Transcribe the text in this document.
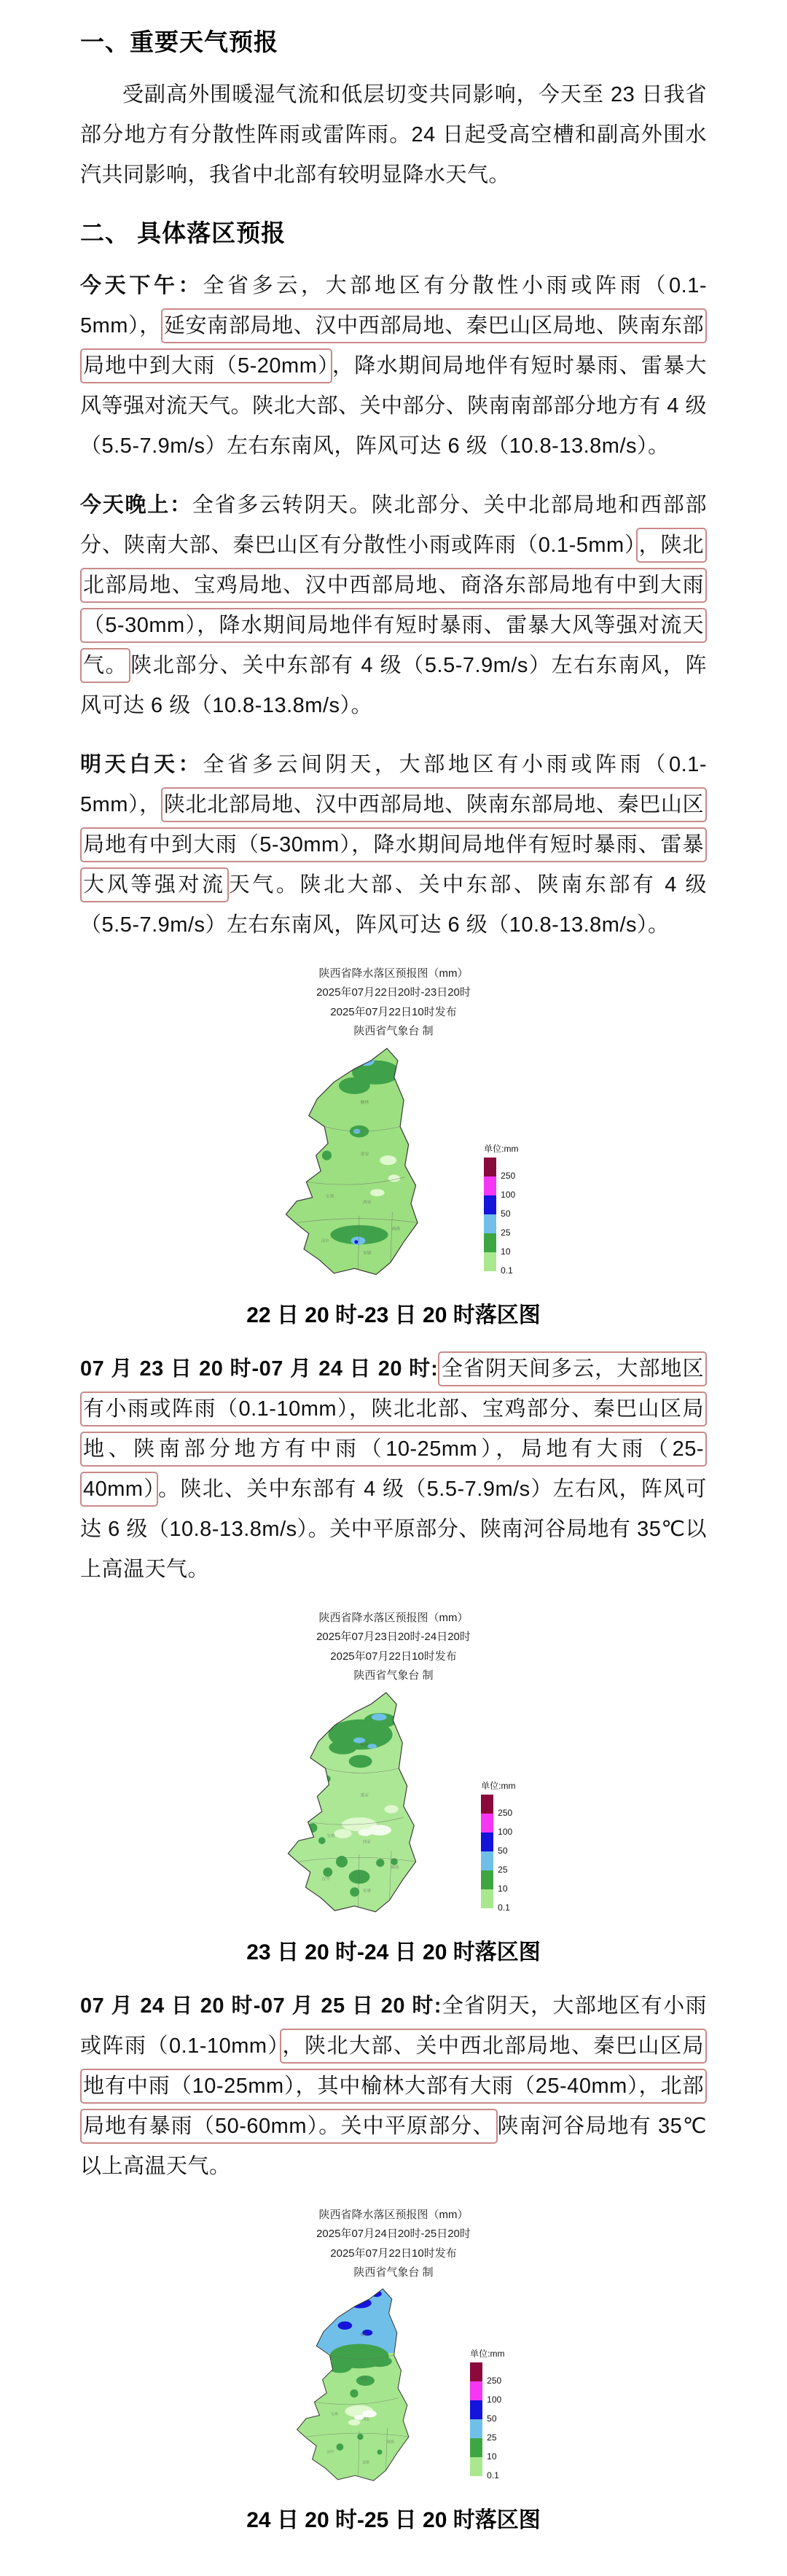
一、重要天气预报

受副高外围暖湿气流和低层切变共同影响，今天至 23 日我省部分地方有分散性阵雨或雷阵雨。24 日起受高空槽和副高外围水汽共同影响，我省中北部有较明显降水天气。

二、 具体落区预报

今天下午：全省多云，大部地区有分散性小雨或阵雨（0.1-5mm）， 延安南部局地、汉中西部局地、秦巴山区局地、陕南东部局地中到大雨（5-20mm） ，降水期间局地伴有短时暴雨、雷暴大风等强对流天气。陕北大部、关中部分、陕南南部部分地方有 4 级（5.5-7.9m/s）左右东南风，阵风可达 6 级（10.8-13.8m/s）。

今天晚上：全省多云转阴天。陕北部分、关中北部局地和西部部分、陕南大部、秦巴山区有分散性小雨或阵雨（0.1-5mm） ，陕北北部局地、宝鸡局地、汉中西部局地、商洛东部局地有中到大雨（5-30mm），降水期间局地伴有短时暴雨、雷暴大风等强对流天气。 陕北部分、关中东部有 4 级（5.5-7.9m/s）左右东南风，阵风可达 6 级（10.8-13.8m/s）。

明天白天：全省多云间阴天，大部地区有小雨或阵雨（0.1-5mm）， 陕北北部局地、汉中西部局地、陕南东部局地、秦巴山区局地有中到大雨（5-30mm），降水期间局地伴有短时暴雨、雷暴大风等强对流 天气。陕北大部、关中东部、陕南东部有 4 级（5.5-7.9m/s）左右东南风，阵风可达 6 级（10.8-13.8m/s）。

陕西省降水落区预报图（mm）
2025年07月22日20时-23日20时
2025年07月22日10时发布
陕西省气象台 制
榆林
延安
西安
宝鸡
汉中
安康
商洛
单位:mm
250
100
50
25
10
0.1
22 日 20 时-23 日 20 时落区图

07 月 23 日 20 时-07 月 24 日 20 时: 全省阴天间多云，大部地区有小雨或阵雨（0.1-10mm），陕北北部、宝鸡部分、秦巴山区局地、陕南部分地方有中雨（10-25mm），局地有大雨（25-40mm） 。陕北、关中东部有 4 级（5.5-7.9m/s）左右风，阵风可达 6 级（10.8-13.8m/s）。关中平原部分、陕南河谷局地有 35℃以上高温天气。

陕西省降水落区预报图（mm）
2025年07月23日20时-24日20时
2025年07月22日10时发布
陕西省气象台 制
榆林
延安
西安
宝鸡
汉中
安康
商洛
单位:mm
250
100
50
25
10
0.1
23 日 20 时-24 日 20 时落区图

07 月 24 日 20 时-07 月 25 日 20 时:全省阴天，大部地区有小雨或阵雨（0.1-10mm） ，陕北大部、关中西北部局地、秦巴山区局地有中雨（10-25mm），其中榆林大部有大雨（25-40mm），北部局地有暴雨（50-60mm）。关中平原部分、 陕南河谷局地有 35℃以上高温天气。

陕西省降水落区预报图（mm）
2025年07月24日20时-25日20时
2025年07月22日10时发布
陕西省气象台 制
榆林
延安
西安
宝鸡
汉中
安康
商洛
单位:mm
250
100
50
25
10
0.1
24 日 20 时-25 日 20 时落区图
